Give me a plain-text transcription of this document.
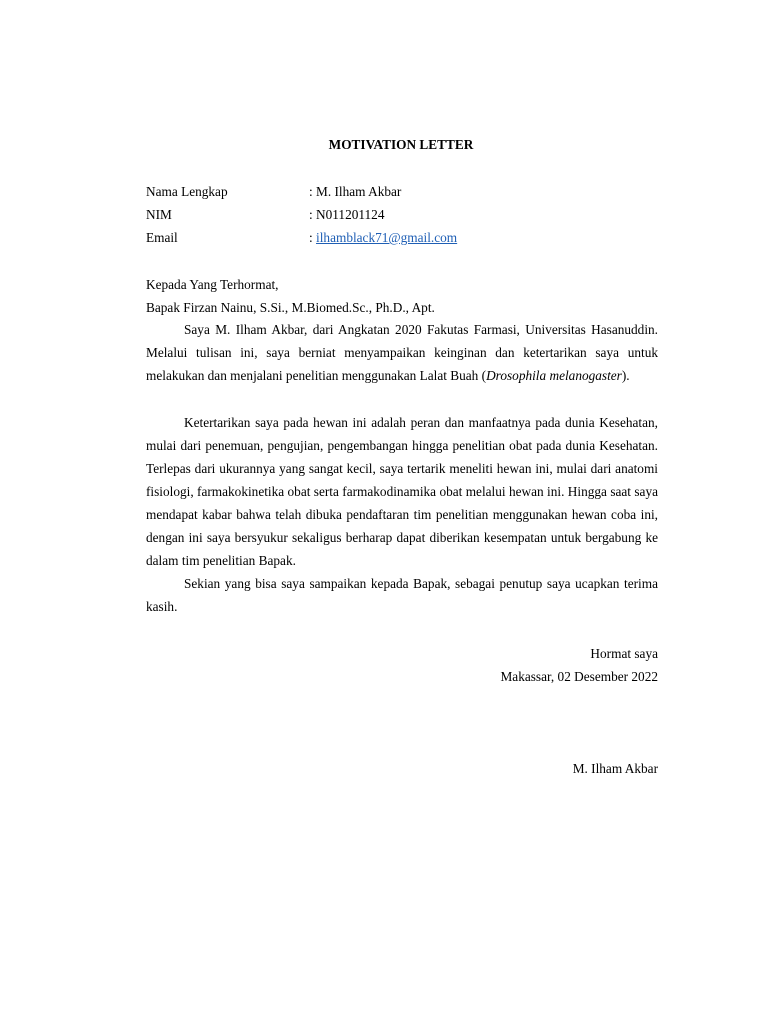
MOTIVATION LETTER
Nama Lengkap	: M. Ilham Akbar
NIM	: N011201124
Email	: ilhamblack71@gmail.com
Kepada Yang Terhormat,
Bapak Firzan Nainu, S.Si., M.Biomed.Sc., Ph.D., Apt.
Saya M. Ilham Akbar, dari Angkatan 2020 Fakutas Farmasi, Universitas Hasanuddin. Melalui tulisan ini, saya berniat menyampaikan keinginan dan ketertarikan saya untuk melakukan dan menjalani penelitian menggunakan Lalat Buah (Drosophila melanogaster).
Ketertarikan saya pada hewan ini adalah peran dan manfaatnya pada dunia Kesehatan, mulai dari penemuan, pengujian, pengembangan hingga penelitian obat pada dunia Kesehatan. Terlepas dari ukurannya yang sangat kecil, saya tertarik meneliti hewan ini, mulai dari anatomi fisiologi, farmakokinetika obat serta farmakodinamika obat melalui hewan ini. Hingga saat saya mendapat kabar bahwa telah dibuka pendaftaran tim penelitian menggunakan hewan coba ini, dengan ini saya bersyukur sekaligus berharap dapat diberikan kesempatan untuk bergabung ke dalam tim penelitian Bapak.
Sekian yang bisa saya sampaikan kepada Bapak, sebagai penutup saya ucapkan terima kasih.
Hormat saya
Makassar, 02 Desember 2022
M. Ilham Akbar
